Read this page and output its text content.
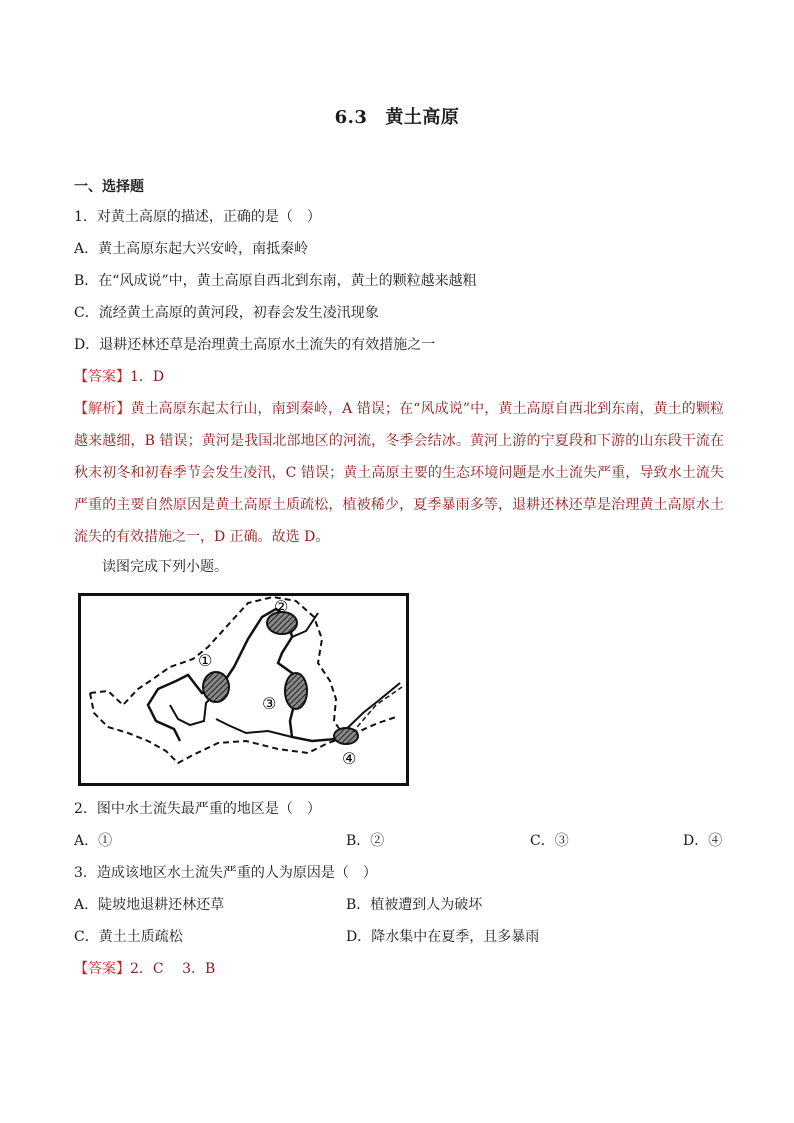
6.3 黄土高原
一、选择题
1．对黄土高原的描述，正确的是（　）
A．黄土高原东起大兴安岭，南抵秦岭
B．在“风成说”中，黄土高原自西北到东南，黄土的颗粒越来越粗
C．流经黄土高原的黄河段，初春会发生凌汛现象
D．退耕还林还草是治理黄土高原水土流失的有效措施之一
【答案】1．D
【解析】黄土高原东起太行山，南到秦岭，A 错误；在“风成说”中，黄土高原自西北到东南，黄土的颗粒越来越细，B 错误；黄河是我国北部地区的河流，冬季会结冰。黄河上游的宁夏段和下游的山东段干流在秋末初冬和初春季节会发生凌汛，C 错误；黄土高原主要的生态环境问题是水土流失严重，导致水土流失严重的主要自然原因是黄土高原土质疏松，植被稀少，夏季暴雨多等，退耕还林还草是治理黄土高原水土流失的有效措施之一，D 正确。故选 D。
读图完成下列小题。
①
②
③
④
2．图中水土流失最严重的地区是（　）
A．①	B．②	C．③	D．④
3．造成该地区水土流失严重的人为原因是（　）
A．陡坡地退耕还林还草	B．植被遭到人为破坏
C．黄土土质疏松	D．降水集中在夏季，且多暴雨
【答案】2．C　 3．B
